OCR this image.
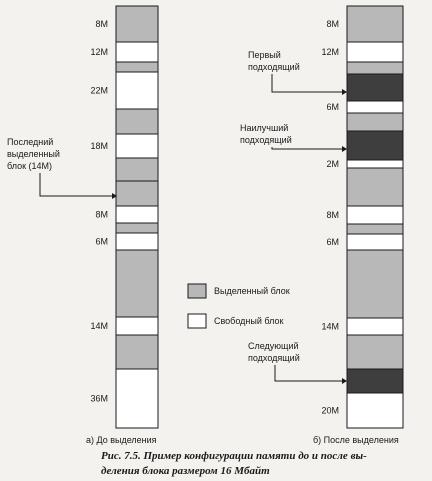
8M
12M
22M
18M
8M
6M
14M
36M
8M
12M
6M
2M
8M
6M
14M
20M
Последний
выделенный
блок (14M)
Первый
подходящий
Наилучший
подходящий
Следующий
подходящий
Выделенный блок
Свободный блок
а) До выделения	б) После выделения
Рис. 7.5. Пример конфигурации памяти до и после вы-
деления блока размером 16 Мбайт
